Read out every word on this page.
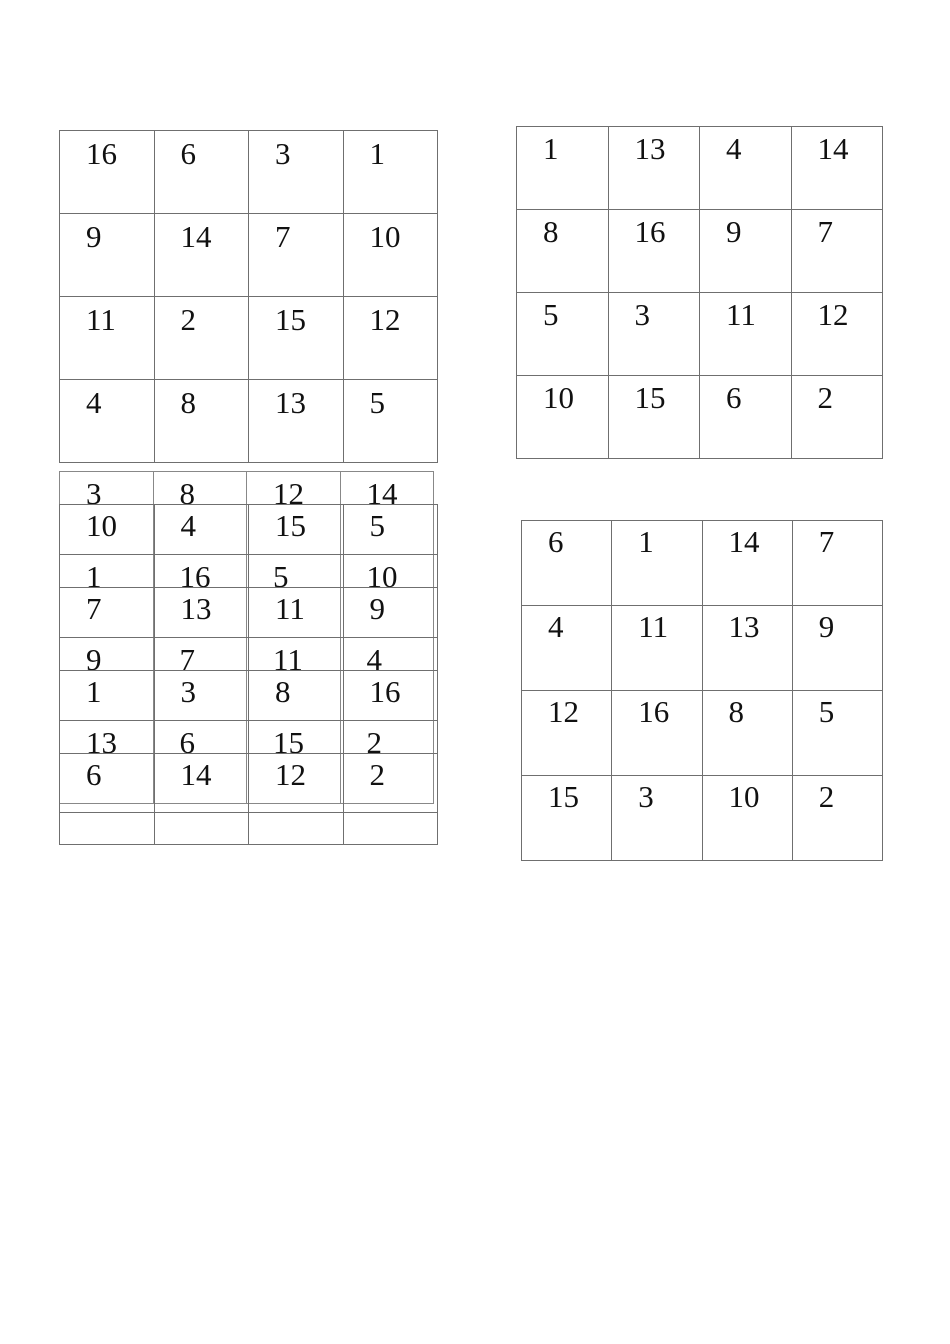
16	6	3	1

9	14	7	10

11	2	15	12

4	8	13	5
1	13	4	14

8	16	9	7

5	3	11	12

10	15	6	2
3	8	12	14

1	16	5	10

9	7	11	4

13	6	15	2
10	4	15	5

7	13	11	9

1	3	8	16

6	14	12	2
6	1	14	7

4	11	13	9

12	16	8	5

15	3	10	2
